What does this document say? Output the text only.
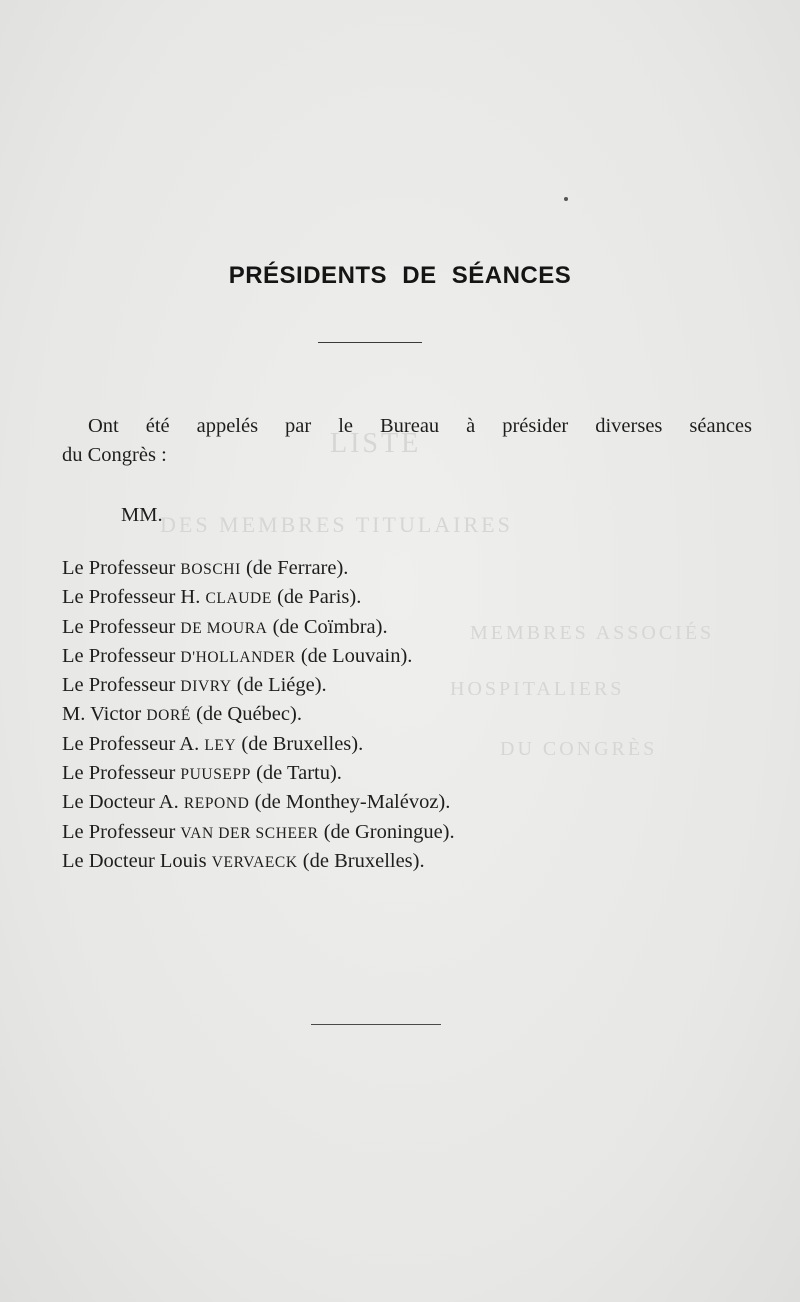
LISTE
DES MEMBRES TITULAIRES
MEMBRES ASSOCIÉS
HOSPITALIERS
DU CONGRÈS
PRÉSIDENTS DE SÉANCES
Ont été appelés par le Bureau à présider diverses séances
du Congrès :
MM.
Le Professeur BOSCHI (de Ferrare).
Le Professeur H. CLAUDE (de Paris).
Le Professeur DE MOURA (de Coïmbra).
Le Professeur D'HOLLANDER (de Louvain).
Le Professeur DIVRY (de Liége).
M. Victor DORÉ (de Québec).
Le Professeur A. LEY (de Bruxelles).
Le Professeur PUUSEPP (de Tartu).
Le Docteur A. REPOND (de Monthey-Malévoz).
Le Professeur VAN DER SCHEER (de Groningue).
Le Docteur Louis VERVAECK (de Bruxelles).
